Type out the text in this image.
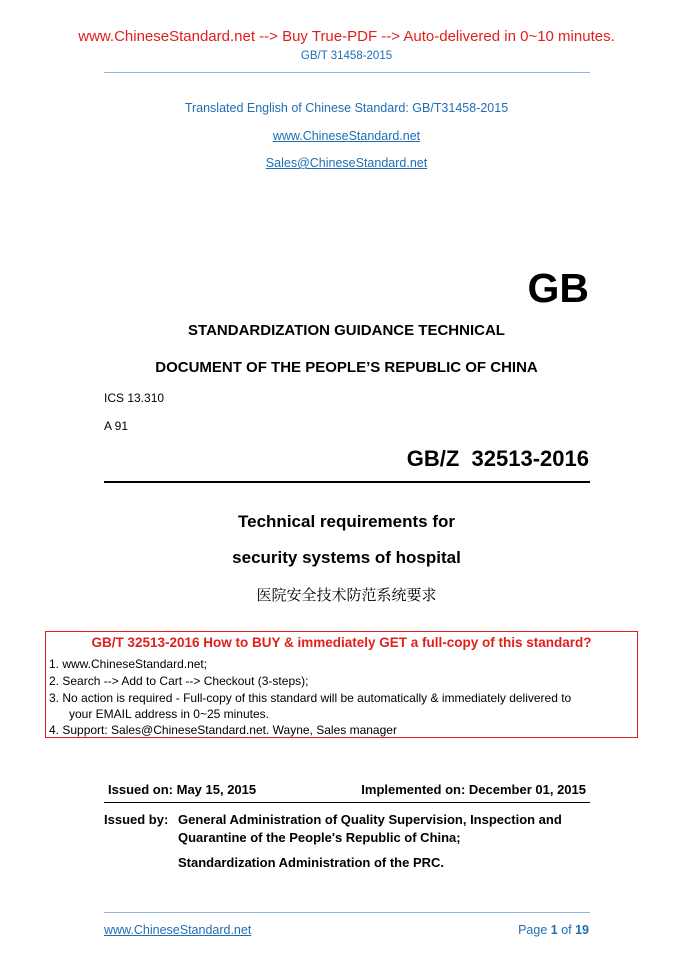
www.ChineseStandard.net --> Buy True-PDF --> Auto-delivered in 0~10 minutes.
GB/T 31458-2015
Translated English of Chinese Standard: GB/T31458-2015
www.ChineseStandard.net
Sales@ChineseStandard.net
GB
STANDARDIZATION GUIDANCE TECHNICAL
DOCUMENT OF THE PEOPLE’S REPUBLIC OF CHINA
ICS 13.310
A 91
GB/Z  32513-2016
Technical requirements for
security systems of hospital
医院安全技术防范系统要求
GB/T 32513-2016 How to BUY & immediately GET a full-copy of this standard?
1. www.ChineseStandard.net;
2. Search --> Add to Cart --> Checkout (3-steps);
3. No action is required - Full-copy of this standard will be automatically & immediately delivered to
your EMAIL address in 0~25 minutes.
4. Support: Sales@ChineseStandard.net. Wayne, Sales manager
Issued on: May 15, 2015	Implemented on: December 01, 2015
Issued by: General Administration of Quality Supervision, Inspection and
Quarantine of the People's Republic of China;
Standardization Administration of the PRC.
www.ChineseStandard.net	Page 1 of 19
